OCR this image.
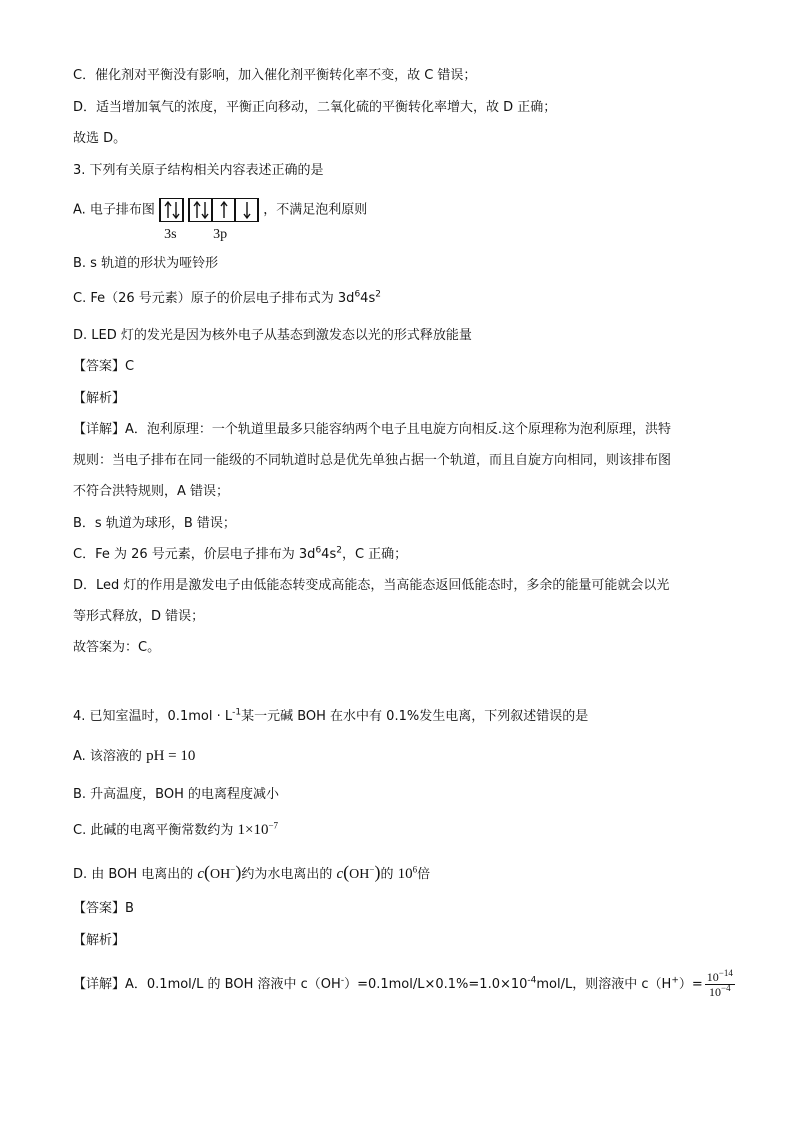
C．催化剂对平衡没有影响，加入催化剂平衡转化率不变，故 C 错误；
D．适当增加氧气的浓度，平衡正向移动，二氧化硫的平衡转化率增大，故 D 正确；
故选 D。
3. 下列有关原子结构相关内容表述正确的是
A. 电子排布图
3s	3p
，不满足泡利原则
B. s 轨道的形状为哑铃形
C. Fe（26 号元素）原子的价层电子排布式为 $3d^64s^2$
D. LED 灯的发光是因为核外电子从基态到激发态以光的形式释放能量
【答案】C
【解析】
【详解】A．泡利原理：一个轨道里最多只能容纳两个电子且电旋方向相反.这个原理称为泡利原理，洪特
规则：当电子排布在同一能级的不同轨道时总是优先单独占据一个轨道，而且自旋方向相同，则该排布图
不符合洪特规则，A 错误；
B．s 轨道为球形，B 错误；
C．Fe 为 26 号元素，价层电子排布为 $3d^64s^2$，C 正确；
D．Led 灯的作用是激发电子由低能态转变成高能态，当高能态返回低能态时，多余的能量可能就会以光
等形式释放，D 错误；
故答案为：C。
4. 已知室温时，$0.1mol \cdot L^{-1}$某一元碱 BOH 在水中有 0.1%发生电离，下列叙述错误的是
A. 该溶液的 pH = 10
B. 升高温度，BOH 的电离程度减小
C. 此碱的电离平衡常数约为 $1\times 10^{-7}$
D. 由 BOH 电离出的 c(OH−)约为水电离出的 c(OH−)的 $10^6$倍
【答案】B
【解析】
【详解】A．0.1mol/L 的 BOH 溶液中 $c(OH^-)=0.1mol/L\times 0.1\%=1.0\times 10^{-4}mol/L$，则溶液中 $c(H^+)= \frac{10^{-14}}{10^{-4}}$
